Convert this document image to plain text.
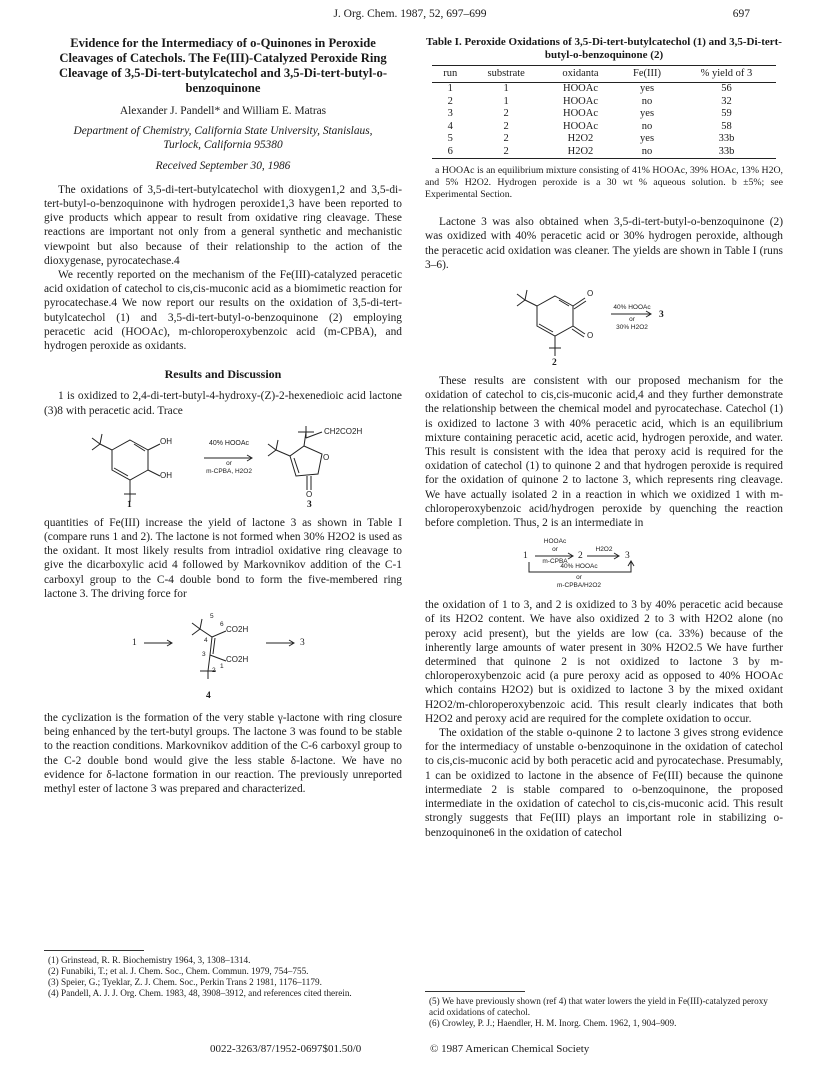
J. Org. Chem. 1987, 52, 697–699	697
Evidence for the Intermediacy of o-Quinones in Peroxide Cleavages of Catechols. The Fe(III)-Catalyzed Peroxide Ring Cleavage of 3,5-Di-tert-butylcatechol and 3,5-Di-tert-butyl-o-benzoquinone
Alexander J. Pandell* and William E. Matras
Department of Chemistry, California State University, Stanislaus, Turlock, California 95380
Received September 30, 1986

The oxidations of 3,5-di-tert-butylcatechol with dioxygen1,2 and 3,5-di-tert-butyl-o-benzoquinone with hydrogen peroxide1,3 have been reported to give products which appear to result from oxidative ring cleavage. These reactions are important not only from a general synthetic and mechanistic viewpoint but also because of their relationship to the action of the dioxygenase, pyrocatechase.4

We recently reported on the mechanism of the Fe(III)-catalyzed peracetic acid oxidation of catechol to cis,cis-muconic acid as a biomimetic reaction for pyrocatechase.4 We now report our results on the oxidation of 3,5-di-tert-butylcatechol (1) and 3,5-di-tert-butyl-o-benzoquinone (2) employing peracetic acid (HOOAc), m-chloroperoxybenzoic acid (m-CPBA), and hydrogen peroxide as oxidants.

Results and Discussion

1 is oxidized to 2,4-di-tert-butyl-4-hydroxy-(Z)-2-hexenedioic acid lactone (3)8 with peracetic acid. Trace

40% HOOAc
or
m-CPBA, H2O2
OH
OH
CH2CO2H
O
O
1	3

quantities of Fe(III) increase the yield of lactone 3 as shown in Table I (compare runs 1 and 2). The lactone is not formed when 30% H2O2 is used as the oxidant. It most likely results from intradiol oxidative ring cleavage to give the dicarboxylic acid 4 followed by Markovnikov addition of the C-1 carboxyl group to the C-4 double bond to form the five-membered ring lactone 3. The driving force for

1	3
CO2H
CO2H
5
6
4
3
1
2
4

the cyclization is the formation of the very stable γ-lactone with ring closure being enhanced by the tert-butyl groups. The lactone 3 was found to be stable to the reaction conditions. Markovnikov addition of the C-6 carboxyl group to the C-2 double bond would give the less stable δ-lactone. We have no evidence for δ-lactone formation in our reaction. The previously unreported methyl ester of lactone 3 was prepared and characterized.

(1) Grinstead, R. R. Biochemistry 1964, 3, 1308–1314.
(2) Funabiki, T.; et al. J. Chem. Soc., Chem. Commun. 1979, 754–755.
(3) Speier, G.; Tyeklar, Z. J. Chem. Soc., Perkin Trans 2 1981, 1176–1179.
(4) Pandell, A. J. J. Org. Chem. 1983, 48, 3908–3912, and references cited therein.
Table I. Peroxide Oxidations of 3,5-Di-tert-butylcatechol (1) and 3,5-Di-tert-butyl-o-benzoquinone (2)
run	substrate	oxidanta	Fe(III)	% yield of 3
1	1	HOOAc	yes	56
2	1	HOOAc	no	32
3	2	HOOAc	yes	59
4	2	HOOAc	no	58
5	2	H2O2	yes	33b
6	2	H2O2	no	33b
a HOOAc is an equilibrium mixture consisting of 41% HOOAc, 39% HOAc, 13% H2O, and 5% H2O2. Hydrogen peroxide is a 30 wt % aqueous solution. b ±5%; see Experimental Section.

Lactone 3 was also obtained when 3,5-di-tert-butyl-o-benzoquinone (2) was oxidized with 40% peracetic acid or 30% hydrogen peroxide, although the peracetic acid oxidation was cleaner. The yields are shown in Table I (runs 3–6).

O
O
40% HOOAc
or
30% H2O2
3
2

These results are consistent with our proposed mechanism for the oxidation of catechol to cis,cis-muconic acid,4 and they further demonstrate the relationship between the chemical model and pyrocatechase. Catechol (1) is oxidized to lactone 3 with 40% peracetic acid, which is an equilibrium mixture containing peracetic acid, acetic acid, hydrogen peroxide, and water. This result is consistent with the idea that peroxy acid is required for the oxidation of catechol (1) to quinone 2 and that hydrogen peroxide is required for the oxidation of quinone 2 to lactone 3, which represents ring cleavage. We have actually isolated 2 in a reaction in which we oxidized 1 with m-chloroperoxybenzoic acid/hydrogen peroxide by quenching the reaction before completion. Thus, 2 is an intermediate in

1
HOOAc
or
m-CPBA
2
H2O2
3
40% HOOAc
or
m-CPBA/H2O2

the oxidation of 1 to 3, and 2 is oxidized to 3 by 40% peracetic acid because of its H2O2 content. We have also oxidized 2 to 3 with H2O2 alone (no peroxy acid present), but the yields are low (ca. 33%) because of the inherently large amounts of water present in 30% H2O2.5 We have further determined that quinone 2 is not oxidized to lactone 3 by m-chloroperoxybenzoic acid (a pure peroxy acid as opposed to 40% HOOAc which contains H2O2) but is oxidized to lactone 3 by the mixed oxidant H2O2/m-chloroperoxybenzoic acid. This result clearly indicates that both H2O2 and peroxy acid are required for the complete oxidation to occur.

The oxidation of the stable o-quinone 2 to lactone 3 gives strong evidence for the intermediacy of unstable o-benzoquinone in the oxidation of catechol to cis,cis-muconic acid by both peracetic acid and pyrocatechase. Presumably, 1 can be oxidized to lactone in the absence of Fe(III) because the quinone intermediate 2 is stable compared to o-benzoquinone, the proposed intermediate in the oxidation of catechol to cis,cis-muconic acid. This result strongly suggests that Fe(III) plays an important role in stabilizing o-benzoquinone6 in the oxidation of catechol

(5) We have previously shown (ref 4) that water lowers the yield in Fe(III)-catalyzed peroxy acid oxidations of catechol.
(6) Crowley, P. J.; Haendler, H. M. Inorg. Chem. 1962, 1, 904–909.
0022-3263/87/1952-0697$01.50/0	© 1987 American Chemical Society
